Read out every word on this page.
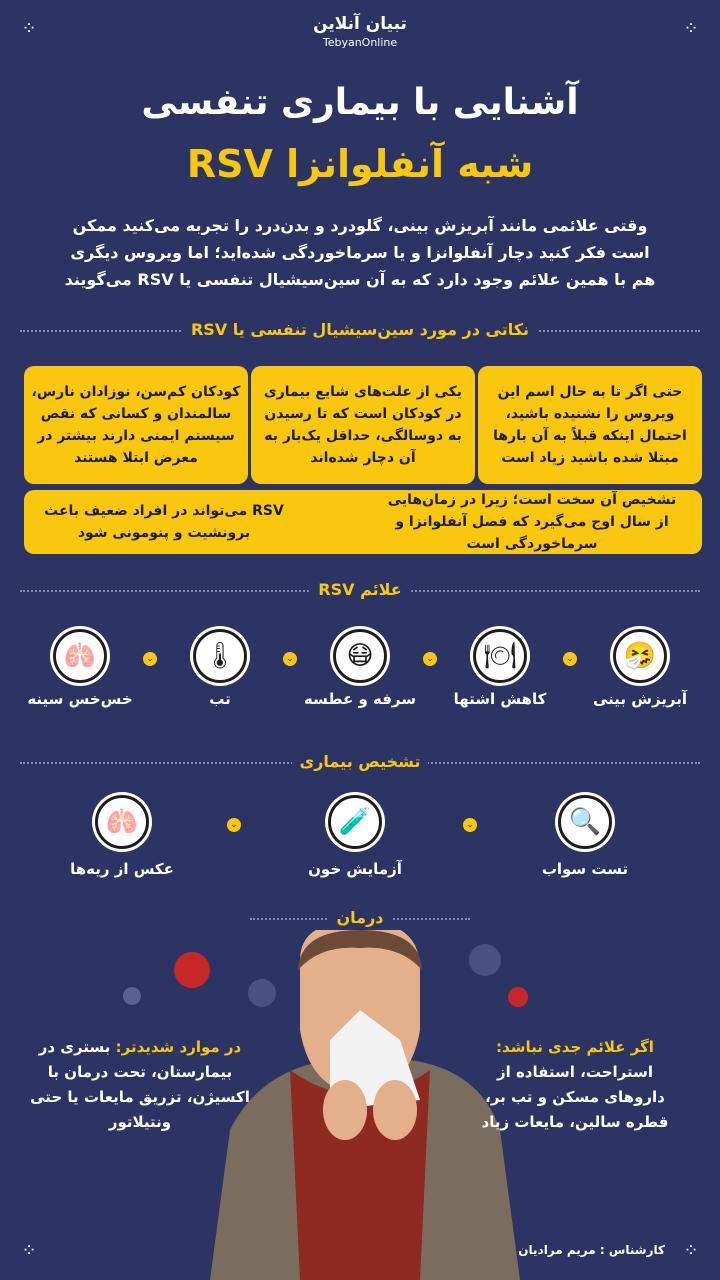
⁘	⁘
⁘	⁘
تبیان آنلاین
TebyanOnline
آشنایی با بیماری تنفسی
شبه آنفلوانزا RSV
وقتی علائمی مانند آبریزش بینی، گلودرد و بدن‌درد را تجربه می‌کنید ممکن است فکر کنید دچار آنفلوانزا و یا سرماخوردگی شده‌اید؛ اما ویروس دیگری هم با همین علائم وجود دارد که به آن سین‌سیشیال تنفسی یا RSV می‌گویند
نکاتی در مورد سین‌سیشیال تنفسی یا RSV
حتی اگر تا به حال اسم این ویروس را نشنیده باشید، احتمال اینکه قبلاً به آن بارها مبتلا شده باشید زیاد است
یکی از علت‌های شایع بیماری در کودکان است که تا رسیدن به دوسالگی، حداقل یک‌بار به آن دچار شده‌اند
کودکان کم‌سن، نوزادان نارس، سالمندان و کسانی که نقص سیستم ایمنی دارند بیشتر در معرض ابتلا هستند
تشخیص آن سخت است؛ زیرا در زمان‌هایی از سال اوج می‌گیرد که فصل آنفلوانزا و سرماخوردگی است
RSV می‌تواند در افراد ضعیف باعث برونشیت و پنومونی شود
علائم RSV
🤧
🍽
😷
🌡
🫁	⌄
⌄
⌄
⌄
آبریزش بینی
کاهش اشتها
سرفه و عطسه
تب
خس‌خس سینه
تشخیص بیماری
🔍
🧪
🫁	⌄
⌄
تست سواب
آزمایش خون
عکس از ریه‌ها
درمان
اگر علائم جدی نباشد:
استراحت، استفاده از داروهای مسکن و تب بر، قطره سالین، مایعات زیاد
در موارد شدیدتر: بستری در بیمارستان، تحت درمان با اکسیژن، تزریق مایعات یا حتی ونتیلاتور
کارشناس : مریم مرادیان
